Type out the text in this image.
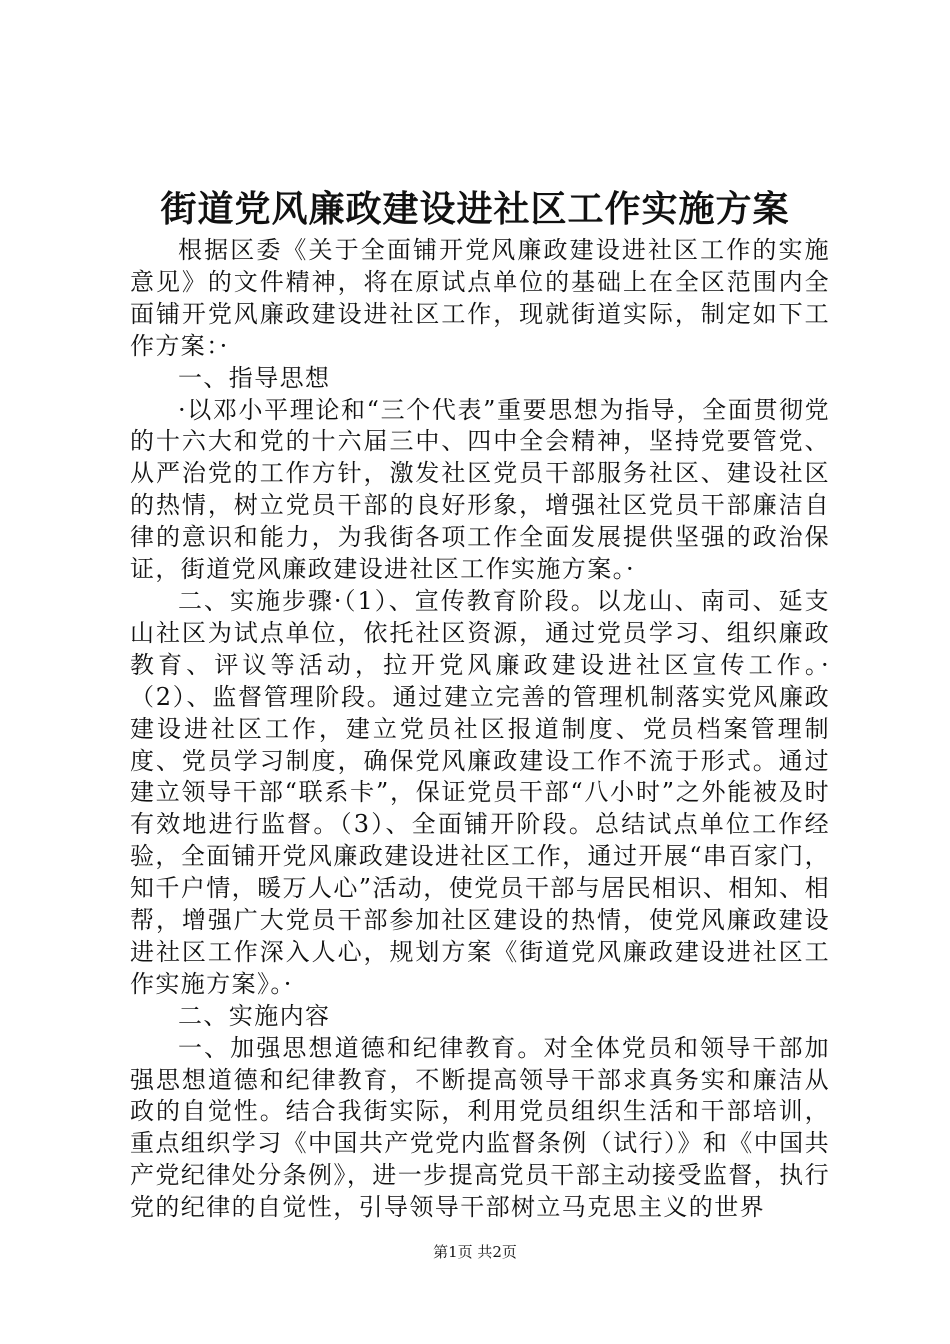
街道党风廉政建设进社区工作实施方案

根据区委《关于全面铺开党风廉政建设进社区工作的实施意见》的文件精神，将在原试点单位的基础上在全区范围内全面铺开党风廉政建设进社区工作，现就街道实际，制定如下工作方案：·

一、指导思想

·以邓小平理论和“三个代表”重要思想为指导，全面贯彻党的十六大和党的十六届三中、四中全会精神，坚持党要管党、从严治党的工作方针，激发社区党员干部服务社区、建设社区的热情，树立党员干部的良好形象，增强社区党员干部廉洁自律的意识和能力，为我街各项工作全面发展提供坚强的政治保证，街道党风廉政建设进社区工作实施方案。·

二、实施步骤·（1）、宣传教育阶段。以龙山、南司、延支山社区为试点单位，依托社区资源，通过党员学习、组织廉政教育、评议等活动，拉开党风廉政建设进社区宣传工作。·（2）、监督管理阶段。通过建立完善的管理机制落实党风廉政建设进社区工作，建立党员社区报道制度、党员档案管理制度、党员学习制度，确保党风廉政建设工作不流于形式。通过建立领导干部“联系卡”，保证党员干部“八小时”之外能被及时有效地进行监督。（3）、全面铺开阶段。总结试点单位工作经验，全面铺开党风廉政建设进社区工作，通过开展“串百家门，知千户情，暖万人心”活动，使党员干部与居民相识、相知、相帮，增强广大党员干部参加社区建设的热情，使党风廉政建设进社区工作深入人心，规划方案《街道党风廉政建设进社区工作实施方案》。·

二、实施内容

一、加强思想道德和纪律教育。对全体党员和领导干部加强思想道德和纪律教育，不断提高领导干部求真务实和廉洁从政的自觉性。结合我街实际，利用党员组织生活和干部培训，重点组织学习《中国共产党党内监督条例（试行）》和《中国共产党纪律处分条例》，进一步提高党员干部主动接受监督，执行党的纪律的自觉性，引导领导干部树立马克思主义的世界

第1页 共2页
